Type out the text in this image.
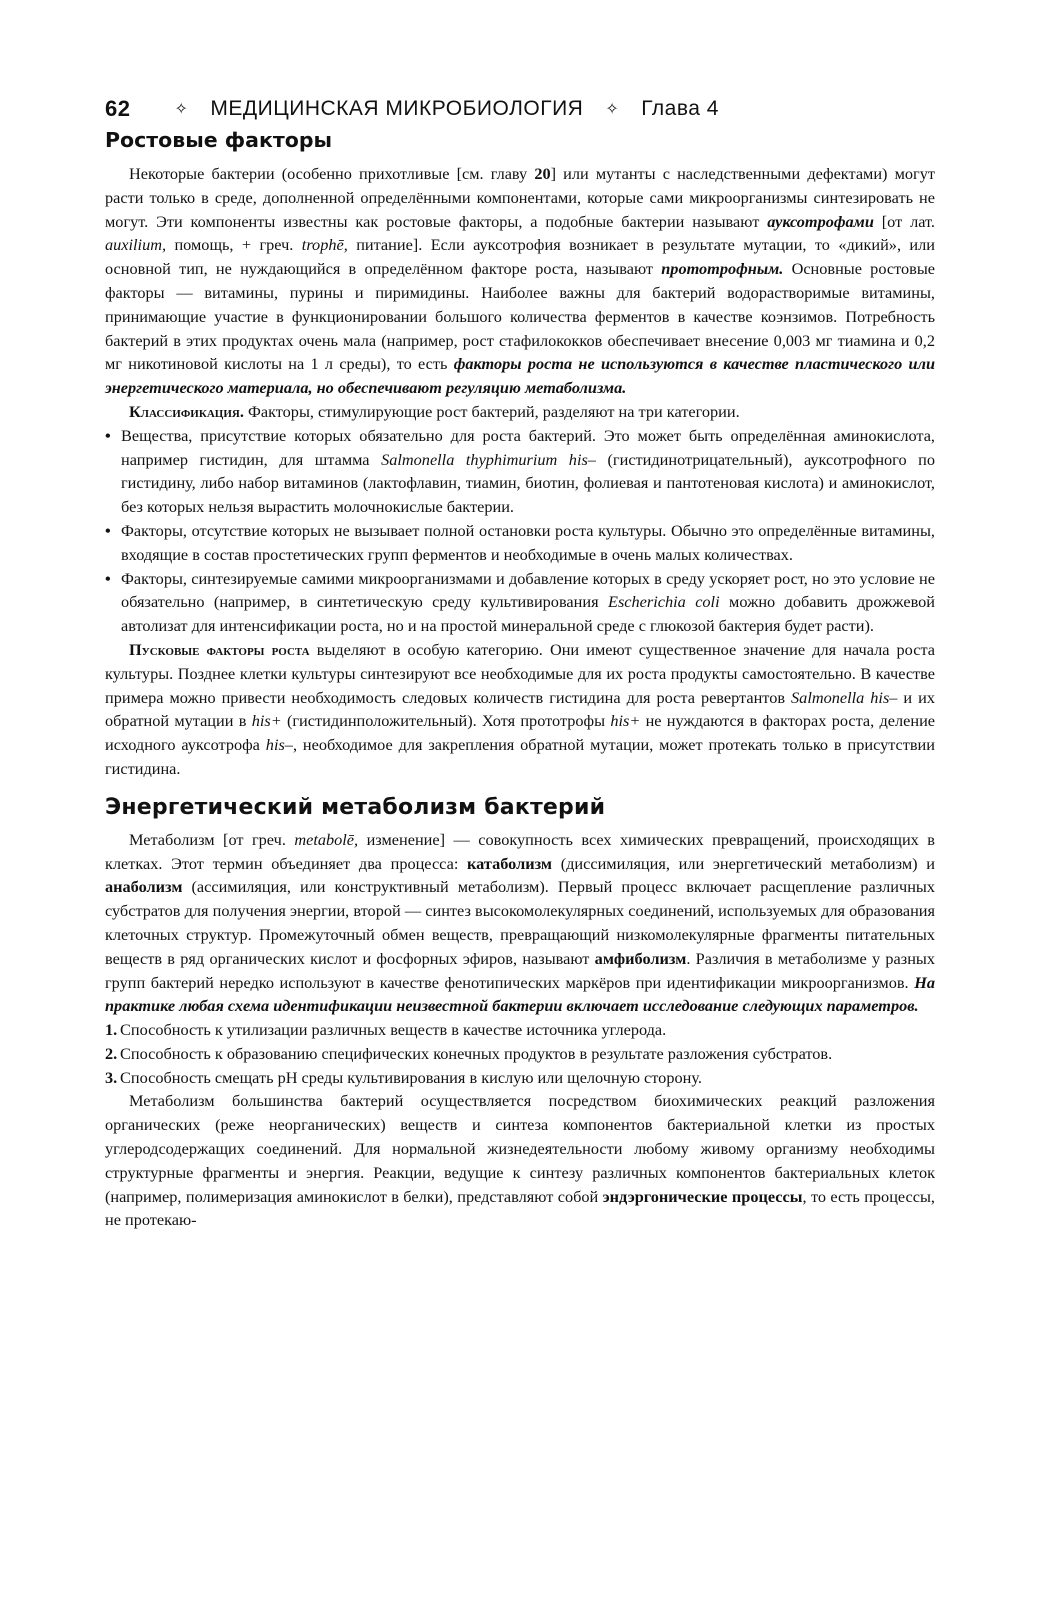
62	✧ МЕДИЦИНСКАЯ МИКРОБИОЛОГИЯ ✧ Глава 4
Ростовые факторы

Некоторые бактерии (особенно прихотливые [см. главу 20] или мутанты с наследственными дефектами) могут расти только в среде, дополненной определёнными компонентами, которые сами микроорганизмы синтезировать не могут. Эти компоненты известны как ростовые факторы, а подобные бактерии называют ауксотрофами [от лат. auxilium, помощь, + греч. trophē, питание]. Если ауксотрофия возникает в результате мутации, то «дикий», или основной тип, не нуждающийся в определённом факторе роста, называют прототрофным. Основные ростовые факторы — витамины, пурины и пиримидины. Наиболее важны для бактерий водорастворимые витамины, принимающие участие в функционировании большого количества ферментов в качестве коэнзимов. Потребность бактерий в этих продуктах очень мала (например, рост стафилококков обеспечивает внесение 0,003 мг тиамина и 0,2 мг никотиновой кислоты на 1 л среды), то есть факторы роста не используются в качестве пластического или энергетического материала, но обеспечивают регуляцию метаболизма.

Классификация. Факторы, стимулирующие рост бактерий, разделяют на три категории.

• Вещества, присутствие которых обязательно для роста бактерий. Это может быть определённая аминокислота, например гистидин, для штамма Salmonella thyphimurium his– (гистидинотрицательный), ауксотрофного по гистидину, либо набор витаминов (лактофлавин, тиамин, биотин, фолиевая и пантотеновая кислота) и аминокислот, без которых нельзя вырастить молочнокислые бактерии.
• Факторы, отсутствие которых не вызывает полной остановки роста культуры. Обычно это определённые витамины, входящие в состав простетических групп ферментов и необходимые в очень малых количествах.
• Факторы, синтезируемые самими микроорганизмами и добавление которых в среду ускоряет рост, но это условие не обязательно (например, в синтетическую среду культивирования Escherichia coli можно добавить дрожжевой автолизат для интенсификации роста, но и на простой минеральной среде с глюкозой бактерия будет расти).

Пусковые факторы роста выделяют в особую категорию. Они имеют существенное значение для начала роста культуры. Позднее клетки культуры синтезируют все необходимые для их роста продукты самостоятельно. В качестве примера можно привести необходимость следовых количеств гистидина для роста ревертантов Salmonella his– и их обратной мутации в his+ (гистидинположительный). Хотя прототрофы his+ не нуждаются в факторах роста, деление исходного ауксотрофа his–, необходимое для закрепления обратной мутации, может протекать только в присутствии гистидина.

Энергетический метаболизм бактерий

Метаболизм [от греч. metabolē, изменение] — совокупность всех химических превращений, происходящих в клетках. Этот термин объединяет два процесса: катаболизм (диссимиляция, или энергетический метаболизм) и анаболизм (ассимиляция, или конструктивный метаболизм). Первый процесс включает расщепление различных субстратов для получения энергии, второй — синтез высокомолекулярных соединений, используемых для образования клеточных структур. Промежуточный обмен веществ, превращающий низкомолекулярные фрагменты питательных веществ в ряд органических кислот и фосфорных эфиров, называют амфиболизм. Различия в метаболизме у разных групп бактерий нередко используют в качестве фенотипических маркёров при идентификации микроорганизмов. На практике любая схема идентификации неизвестной бактерии включает исследование следующих параметров.

1. Способность к утилизации различных веществ в качестве источника углерода.
2. Способность к образованию специфических конечных продуктов в результате разложения субстратов.
3. Способность смещать pH среды культивирования в кислую или щелочную сторону.

Метаболизм большинства бактерий осуществляется посредством биохимических реакций разложения органических (реже неорганических) веществ и синтеза компонентов бактериальной клетки из простых углеродсодержащих соединений. Для нормальной жизнедеятельности любому живому организму необходимы структурные фрагменты и энергия. Реакции, ведущие к синтезу различных компонентов бактериальных клеток (например, полимеризация аминокислот в белки), представляют собой эндэргонические процессы, то есть процессы, не протекаю-
